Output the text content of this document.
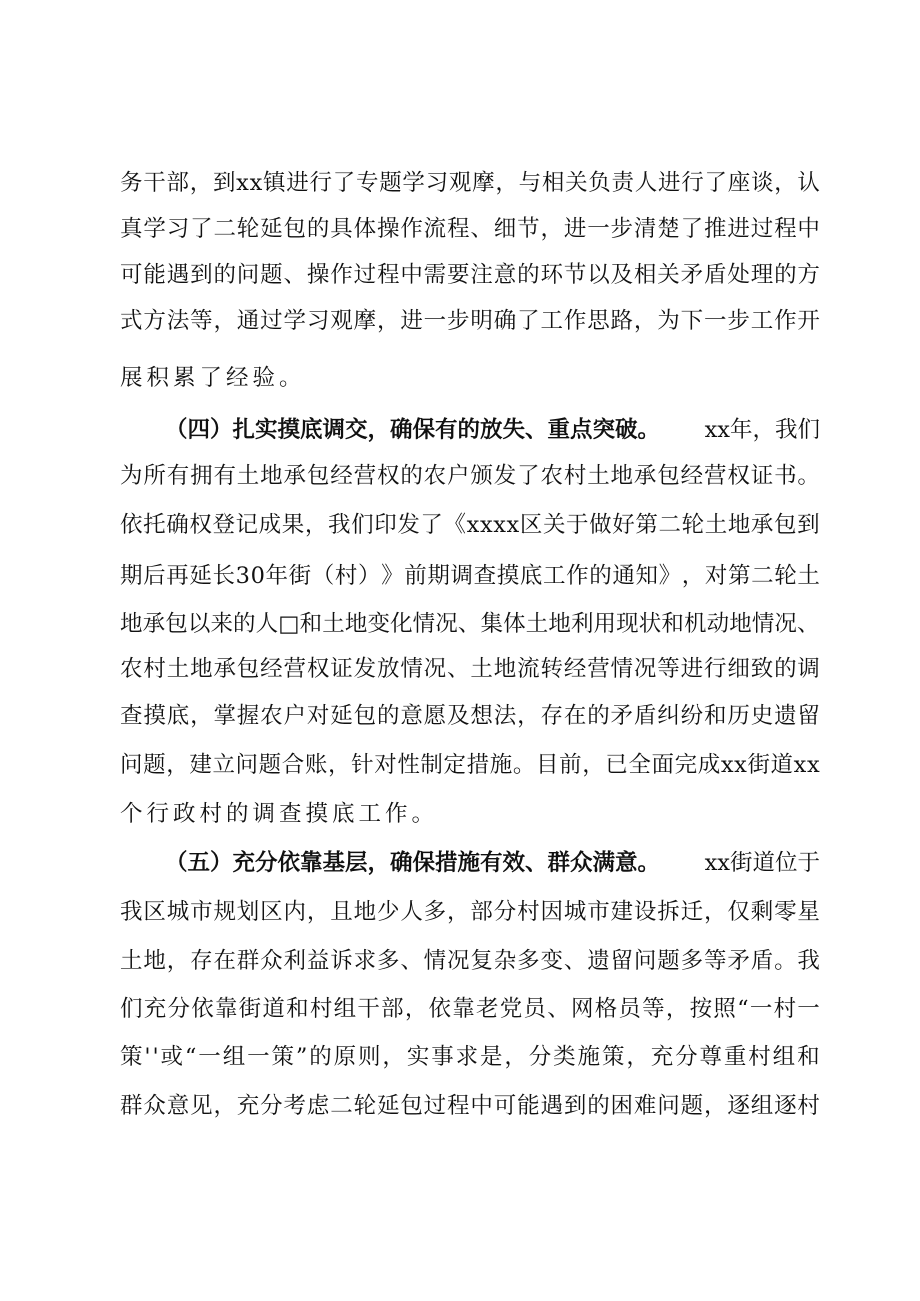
务 干 部 ， 到 x x 镇 进 行 了 专 题 学 习 观 摩 ， 与 相 关 负 责 人 进 行 了 座 谈 ， 认
真 学 习 了 二 轮 延 包 的 具 体 操 作 流 程 、 细 节 ， 进 一 步 清 楚 了 推 进 过 程 中
可 能 遇 到 的 问 题 、 操 作 过 程 中 需 要 注 意 的 环 节 以 及 相 关 矛 盾 处 理 的 方
式 方 法 等 ， 通 过 学 习 观 摩 ， 进 一 步 明 确 了 工 作 思 路 ， 为 下 一 步 工 作 开
展积累了经验。
（四）扎实摸底调交，确保有的放失、重点突破。 xx年，我们
为 所 有 拥 有 土 地 承 包 经 营 权 的 农 户 颁 发 了 农 村 土 地 承 包 经 营 权 证 书 。
依 托 确 权 登 记 成 果 ， 我 们 印 发 了 《 x x x x 区 关 于 做 好 第 二 轮 土 地 承 包 到
期 后 再 延 长 3 0 年 街 （ 村 ） 》 前 期 调 查 摸 底 工 作 的 通 知 》 ， 对 第 二 轮 土
地 承 包 以 来 的 人 □ 和 土 地 变 化 情 况 、 集 体 土 地 利 用 现 状 和 机 动 地 情 况 、
农 村 土 地 承 包 经 营 权 证 发 放 情 况 、 土 地 流 转 经 营 情 况 等 进 行 细 致 的 调
查 摸 底 ， 掌 握 农 户 对 延 包 的 意 愿 及 想 法 ， 存 在 的 矛 盾 纠 纷 和 历 史 遗 留
问 题 ， 建 立 问 题 合 账 ， 针 对 性 制 定 措 施 。 目 前 ， 已 全 面 完 成 x x 街 道 x x
个行政村的调查摸底工作。
（五）充分依靠基层，确保措施有效、群众满意。 xx街道位于
我 区 城 市 规 划 区 内 ， 且 地 少 人 多 ， 部 分 村 因 城 市 建 设 拆 迁 ， 仅 剩 零 星
土 地 ， 存 在 群 众 利 益 诉 求 多 、 情 况 复 杂 多 变 、 遗 留 问 题 多 等 矛 盾 。 我
们 充 分 依 靠 街 道 和 村 组 干 部 ， 依 靠 老 党 员 、 网 格 员 等 ， 按 照 “ 一 村 一
策 ' ' 或 “ 一 组 一 策 ” 的 原 则 ， 实 事 求 是 ， 分 类 施 策 ， 充 分 尊 重 村 组 和
群 众 意 见 ， 充 分 考 虑 二 轮 延 包 过 程 中 可 能 遇 到 的 困 难 问 题 ， 逐 组 逐 村
